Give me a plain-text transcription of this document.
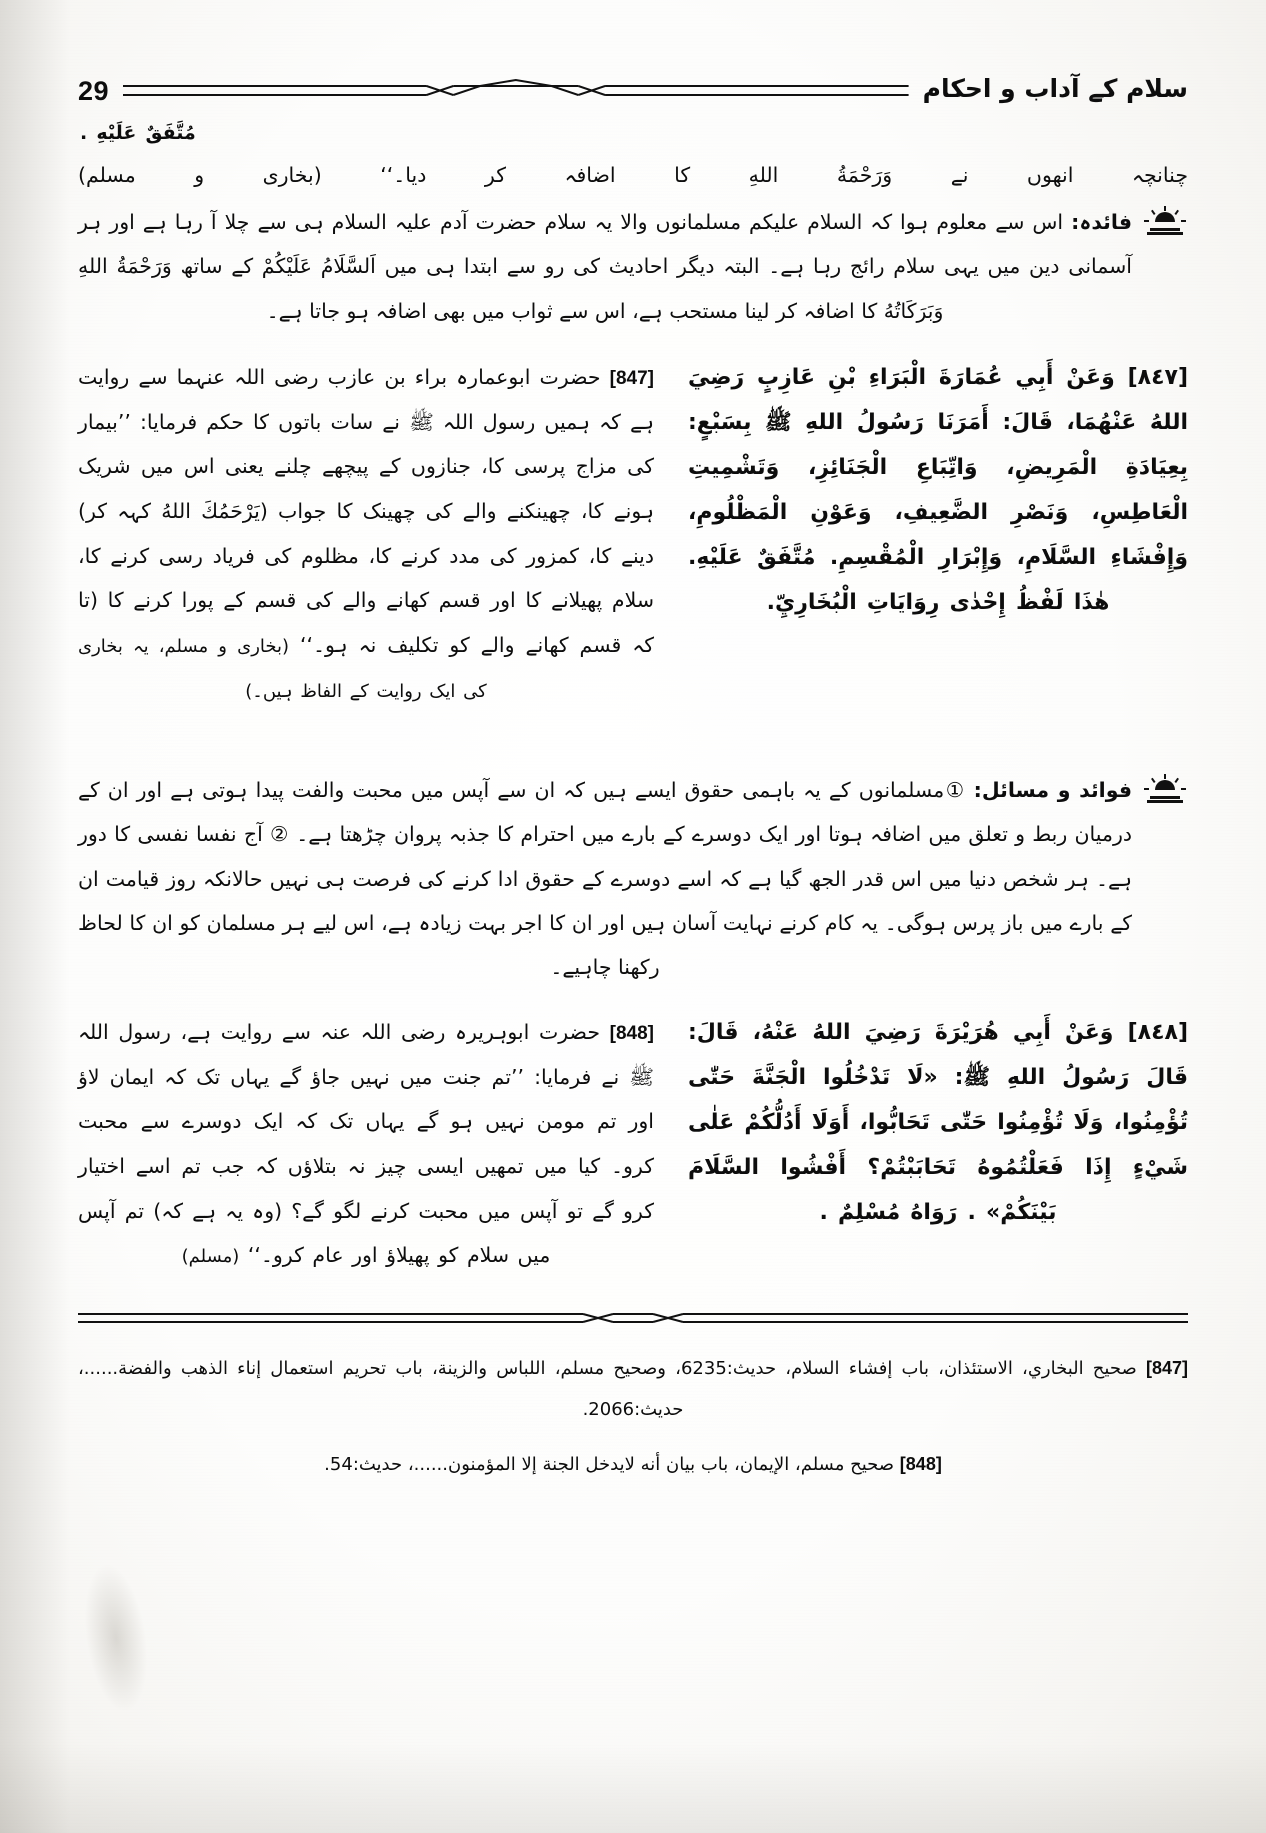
سلام کے آداب و احکام
29
مُتَّفَقٌ عَلَيْهِ .
چنانچہ انھوں نے وَرَحْمَةُ اللهِ کا اضافہ کر دیا۔‘‘ (بخاری و مسلم)
فائدہ: اس سے معلوم ہوا کہ السلام علیکم مسلمانوں والا یہ سلام حضرت آدم علیہ السلام ہی سے چلا آ رہا ہے اور ہر آسمانی دین میں یہی سلام رائج رہا ہے۔ البتہ دیگر احادیث کی رو سے ابتدا ہی میں اَلسَّلَامُ عَلَيْكُمْ کے ساتھ وَرَحْمَةُ اللهِ وَبَرَكَاتُهُ کا اضافہ کر لینا مستحب ہے، اس سے ثواب میں بھی اضافہ ہو جاتا ہے۔
[٨٤٧] وَعَنْ أَبِي عُمَارَةَ الْبَرَاءِ بْنِ عَازِبٍ رَضِيَ اللهُ عَنْهُمَا، قَالَ: أَمَرَنَا رَسُولُ اللهِ ﷺ بِسَبْعٍ: بِعِيَادَةِ الْمَرِيضِ، وَاتِّبَاعِ الْجَنَائِزِ، وَتَشْمِيتِ الْعَاطِسِ، وَنَصْرِ الضَّعِيفِ، وَعَوْنِ الْمَظْلُومِ، وَإِفْشَاءِ السَّلَامِ، وَإِبْرَارِ الْمُقْسِمِ. مُتَّفَقٌ عَلَيْهِ. هٰذَا لَفْظُ إِحْدٰى رِوَايَاتِ الْبُخَارِيِّ.
[847] حضرت ابوعمارہ براء بن عازب رضی اللہ عنہما سے روایت ہے کہ ہمیں رسول اللہ ﷺ نے سات باتوں کا حکم فرمایا: ’’بیمار کی مزاج پرسی کا، جنازوں کے پیچھے چلنے یعنی اس میں شریک ہونے کا، چھینکنے والے کی چھینک کا جواب (یَرْحَمُكَ اللهُ کہہ کر) دینے کا، کمزور کی مدد کرنے کا، مظلوم کی فریاد رسی کرنے کا، سلام پھیلانے کا اور قسم کھانے والے کی قسم کے پورا کرنے کا (تا کہ قسم کھانے والے کو تکلیف نہ ہو۔‘‘ (بخاری و مسلم، یہ بخاری کی ایک روایت کے الفاظ ہیں۔)
فوائد و مسائل: ①مسلمانوں کے یہ باہمی حقوق ایسے ہیں کہ ان سے آپس میں محبت والفت پیدا ہوتی ہے اور ان کے درمیان ربط و تعلق میں اضافہ ہوتا اور ایک دوسرے کے بارے میں احترام کا جذبہ پروان چڑھتا ہے۔ ② آج نفسا نفسی کا دور ہے۔ ہر شخص دنیا میں اس قدر الجھ گیا ہے کہ اسے دوسرے کے حقوق ادا کرنے کی فرصت ہی نہیں حالانکہ روز قیامت ان کے بارے میں باز پرس ہوگی۔ یہ کام کرنے نہایت آسان ہیں اور ان کا اجر بہت زیادہ ہے، اس لیے ہر مسلمان کو ان کا لحاظ رکھنا چاہیے۔
[٨٤٨] وَعَنْ أَبِي هُرَيْرَةَ رَضِيَ اللهُ عَنْهُ، قَالَ: قَالَ رَسُولُ اللهِ ﷺ: «لَا تَدْخُلُوا الْجَنَّةَ حَتّٰى تُؤْمِنُوا، وَلَا تُؤْمِنُوا حَتّٰى تَحَابُّوا، أَوَلَا أَدُلُّكُمْ عَلٰى شَيْءٍ إِذَا فَعَلْتُمُوهُ تَحَابَبْتُمْ؟ أَفْشُوا السَّلَامَ بَيْنَكُمْ» . رَوَاهُ مُسْلِمٌ .
[848] حضرت ابوہریرہ رضی اللہ عنہ سے روایت ہے، رسول اللہ ﷺ نے فرمایا: ’’تم جنت میں نہیں جاؤ گے یہاں تک کہ ایمان لاؤ اور تم مومن نہیں ہو گے یہاں تک کہ ایک دوسرے سے محبت کرو۔ کیا میں تمھیں ایسی چیز نہ بتلاؤں کہ جب تم اسے اختیار کرو گے تو آپس میں محبت کرنے لگو گے؟ (وہ یہ ہے کہ) تم آپس میں سلام کو پھیلاؤ اور عام کرو۔‘‘ (مسلم)
[847] صحیح البخاري، الاستئذان، باب إفشاء السلام، حدیث:6235، وصحیح مسلم، اللباس والزینة، باب تحریم استعمال إناء الذهب والفضة......، حدیث:2066.
[848] صحیح مسلم، الإیمان، باب بیان أنه لایدخل الجنة إلا المؤمنون......، حدیث:54.
